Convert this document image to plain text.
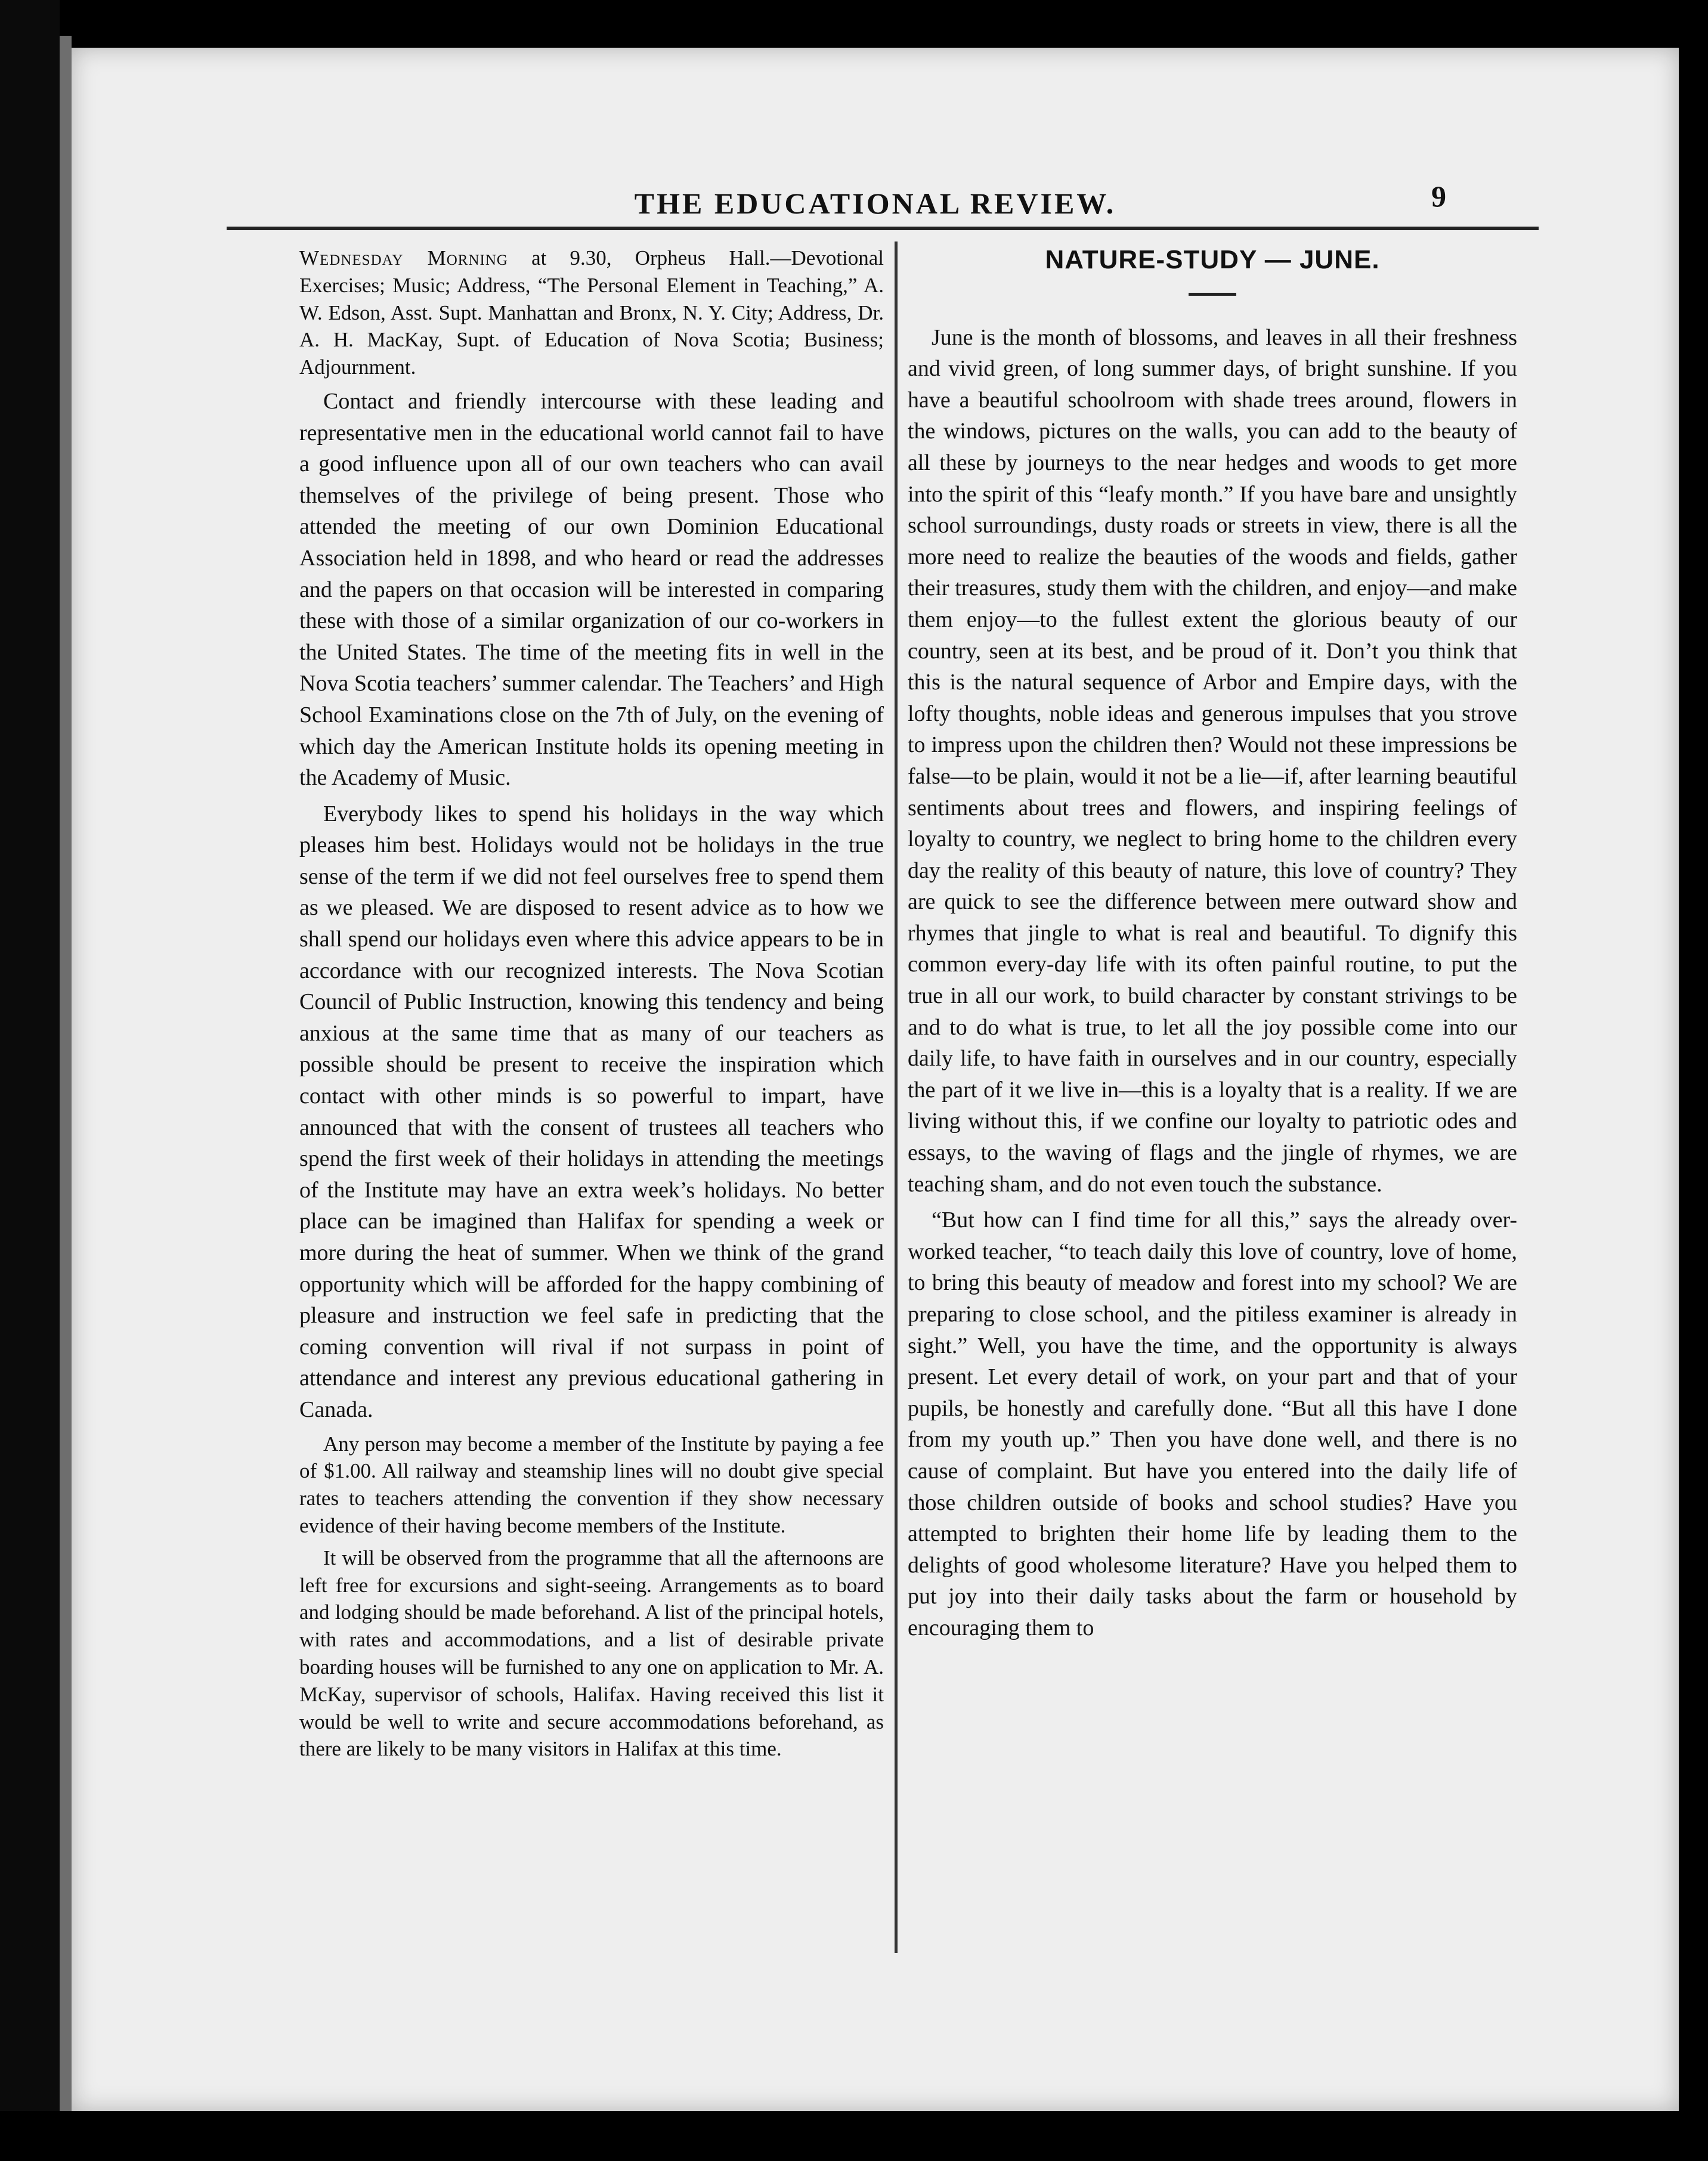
THE EDUCATIONAL REVIEW.	9

Wednesday Morning at 9.30, Orpheus Hall.—Devotional Exercises; Music; Address, “The Personal Element in Teaching,” A. W. Edson, Asst. Supt. Manhattan and Bronx, N. Y. City; Address, Dr. A. H. MacKay, Supt. of Education of Nova Scotia; Business; Adjournment.

Contact and friendly intercourse with these leading and representative men in the educational world cannot fail to have a good influence upon all of our own teachers who can avail themselves of the privilege of being present. Those who attended the meeting of our own Dominion Educational Association held in 1898, and who heard or read the addresses and the papers on that occasion will be interested in comparing these with those of a similar organization of our co-workers in the United States. The time of the meeting fits in well in the Nova Scotia teachers’ summer calendar. The Teachers’ and High School Examinations close on the 7th of July, on the evening of which day the American Institute holds its opening meeting in the Academy of Music.

Everybody likes to spend his holidays in the way which pleases him best. Holidays would not be holidays in the true sense of the term if we did not feel ourselves free to spend them as we pleased. We are disposed to resent advice as to how we shall spend our holidays even where this advice appears to be in accordance with our recognized interests. The Nova Scotian Council of Public Instruction, knowing this tendency and being anxious at the same time that as many of our teachers as possible should be present to receive the inspiration which contact with other minds is so powerful to impart, have announced that with the consent of trustees all teachers who spend the first week of their holidays in attending the meetings of the Institute may have an extra week’s holidays. No better place can be imagined than Halifax for spending a week or more during the heat of summer. When we think of the grand opportunity which will be afforded for the happy combining of pleasure and instruction we feel safe in predicting that the coming convention will rival if not surpass in point of attendance and interest any previous educational gathering in Canada.

Any person may become a member of the Institute by paying a fee of $1.00. All railway and steamship lines will no doubt give special rates to teachers attending the convention if they show necessary evidence of their having become members of the Institute.

It will be observed from the programme that all the afternoons are left free for excursions and sight-seeing. Arrangements as to board and lodging should be made beforehand. A list of the principal hotels, with rates and accommodations, and a list of desirable private boarding houses will be furnished to any one on application to Mr. A. McKay, supervisor of schools, Halifax. Having received this list it would be well to write and secure accommodations beforehand, as there are likely to be many visitors in Halifax at this time.

NATURE-STUDY — JUNE.

June is the month of blossoms, and leaves in all their freshness and vivid green, of long summer days, of bright sunshine. If you have a beautiful schoolroom with shade trees around, flowers in the windows, pictures on the walls, you can add to the beauty of all these by journeys to the near hedges and woods to get more into the spirit of this “leafy month.” If you have bare and unsightly school surroundings, dusty roads or streets in view, there is all the more need to realize the beauties of the woods and fields, gather their treasures, study them with the children, and enjoy—and make them enjoy—to the fullest extent the glorious beauty of our country, seen at its best, and be proud of it. Don’t you think that this is the natural sequence of Arbor and Empire days, with the lofty thoughts, noble ideas and generous impulses that you strove to impress upon the children then? Would not these impressions be false—to be plain, would it not be a lie—if, after learning beautiful sentiments about trees and flowers, and inspiring feelings of loyalty to country, we neglect to bring home to the children every day the reality of this beauty of nature, this love of country? They are quick to see the difference between mere outward show and rhymes that jingle to what is real and beautiful. To dignify this common every-day life with its often painful routine, to put the true in all our work, to build character by constant strivings to be and to do what is true, to let all the joy possible come into our daily life, to have faith in ourselves and in our country, especially the part of it we live in—this is a loyalty that is a reality. If we are living without this, if we confine our loyalty to patriotic odes and essays, to the waving of flags and the jingle of rhymes, we are teaching sham, and do not even touch the substance.

“But how can I find time for all this,” says the already over-worked teacher, “to teach daily this love of country, love of home, to bring this beauty of meadow and forest into my school? We are preparing to close school, and the pitiless examiner is already in sight.” Well, you have the time, and the opportunity is always present. Let every detail of work, on your part and that of your pupils, be honestly and carefully done. “But all this have I done from my youth up.” Then you have done well, and there is no cause of complaint. But have you entered into the daily life of those children outside of books and school studies? Have you attempted to brighten their home life by leading them to the delights of good wholesome literature? Have you helped them to put joy into their daily tasks about the farm or household by encouraging them to
